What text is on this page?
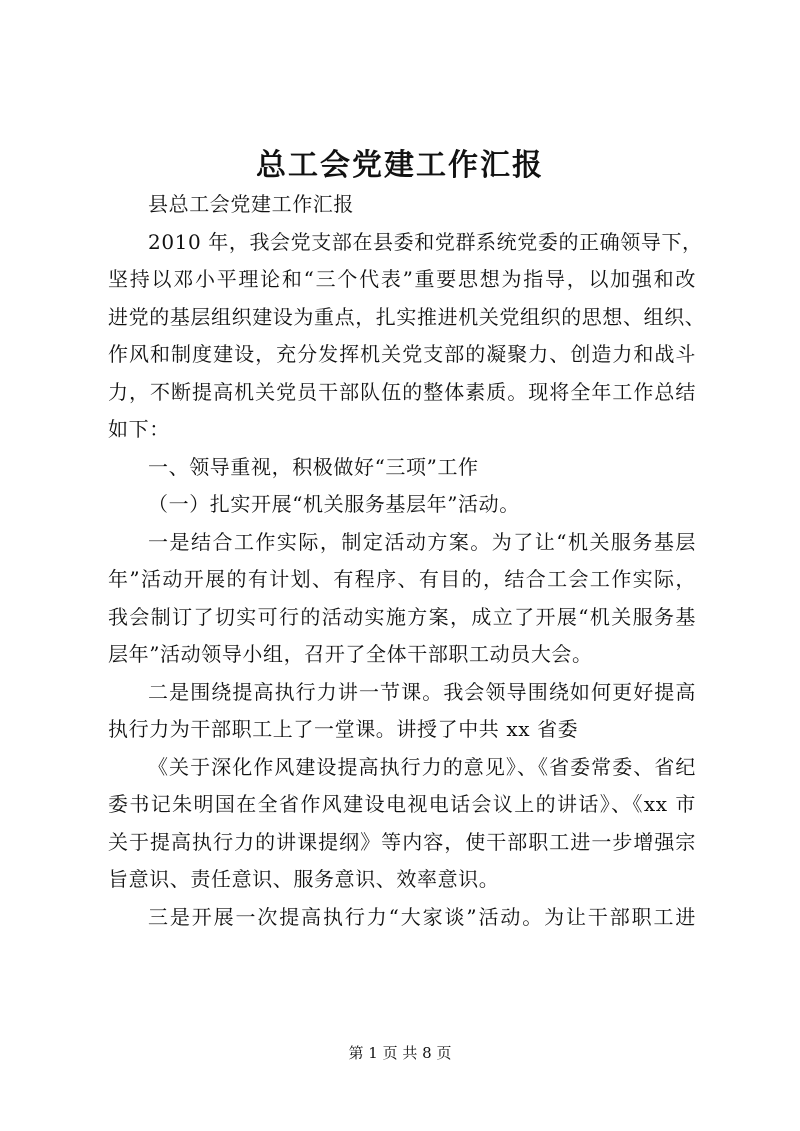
总工会党建工作汇报
县总工会党建工作汇报
2010 年，我会党支部在县委和党群系统党委的正确领导下，
坚持以邓小平理论和“三个代表”重要思想为指导，以加强和改
进党的基层组织建设为重点，扎实推进机关党组织的思想、组织、
作风和制度建设，充分发挥机关党支部的凝聚力、创造力和战斗
力，不断提高机关党员干部队伍的整体素质。现将全年工作总结
如下：
一、领导重视，积极做好“三项”工作
（一）扎实开展“机关服务基层年”活动。
一是结合工作实际，制定活动方案。为了让“机关服务基层
年”活动开展的有计划、有程序、有目的，结合工会工作实际，
我会制订了切实可行的活动实施方案，成立了开展“机关服务基
层年”活动领导小组，召开了全体干部职工动员大会。
二是围绕提高执行力讲一节课。我会领导围绕如何更好提高
执行力为干部职工上了一堂课。讲授了中共 xx 省委
《关于深化作风建设提高执行力的意见》、《省委常委、省纪
委书记朱明国在全省作风建设电视电话会议上的讲话》、《xx 市
关于提高执行力的讲课提纲》等内容，使干部职工进一步增强宗
旨意识、责任意识、服务意识、效率意识。
三是开展一次提高执行力“大家谈”活动。为让干部职工进
第 1 页 共 8 页
